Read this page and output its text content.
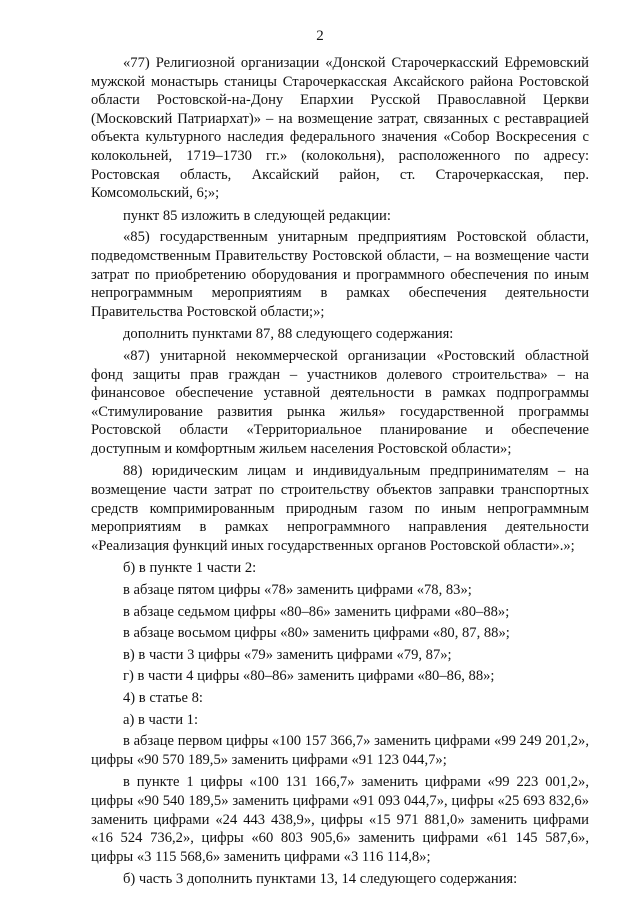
2

«77) Религиозной организации «Донской Старочеркасский Ефремовский мужской монастырь станицы Старочеркасская Аксайского района Ростовской области Ростовской-на-Дону Епархии Русской Православной Церкви (Московский Патриархат)» – на возмещение затрат, связанных с реставрацией объекта культурного наследия федерального значения «Собор Воскресения с колокольней, 1719–1730 гг.» (колокольня), расположенного по адресу: Ростовская область, Аксайский район, ст. Старочеркасская, пер. Комсомольский, 6;»;

пункт 85 изложить в следующей редакции:

«85) государственным унитарным предприятиям Ростовской области, подведомственным Правительству Ростовской области, – на возмещение части затрат по приобретению оборудования и программного обеспечения по иным непрограммным мероприятиям в рамках обеспечения деятельности Правительства Ростовской области;»;

дополнить пунктами 87, 88 следующего содержания:

«87) унитарной некоммерческой организации «Ростовский областной фонд защиты прав граждан – участников долевого строительства» – на финансовое обеспечение уставной деятельности в рамках подпрограммы «Стимулирование развития рынка жилья» государственной программы Ростовской области «Территориальное планирование и обеспечение доступным и комфортным жильем населения Ростовской области»;

88) юридическим лицам и индивидуальным предпринимателям – на возмещение части затрат по строительству объектов заправки транспортных средств компримированным природным газом по иным непрограммным мероприятиям в рамках непрограммного направления деятельности «Реализация функций иных государственных органов Ростовской области».»;

б) в пункте 1 части 2:

в абзаце пятом цифры «78» заменить цифрами «78, 83»;

в абзаце седьмом цифры «80–86» заменить цифрами «80–88»;

в абзаце восьмом цифры «80» заменить цифрами «80, 87, 88»;

в) в части 3 цифры «79» заменить цифрами «79, 87»;

г) в части 4 цифры «80–86» заменить цифрами «80–86, 88»;

4) в статье 8:

а) в части 1:

в абзаце первом цифры «100 157 366,7» заменить цифрами «99 249 201,2», цифры «90 570 189,5» заменить цифрами «91 123 044,7»;

в пункте 1 цифры «100 131 166,7» заменить цифрами «99 223 001,2», цифры «90 540 189,5» заменить цифрами «91 093 044,7», цифры «25 693 832,6» заменить цифрами «24 443 438,9», цифры «15 971 881,0» заменить цифрами «16 524 736,2», цифры «60 803 905,6» заменить цифрами «61 145 587,6», цифры «3 115 568,6» заменить цифрами «3 116 114,8»;

б) часть 3 дополнить пунктами 13, 14 следующего содержания:
